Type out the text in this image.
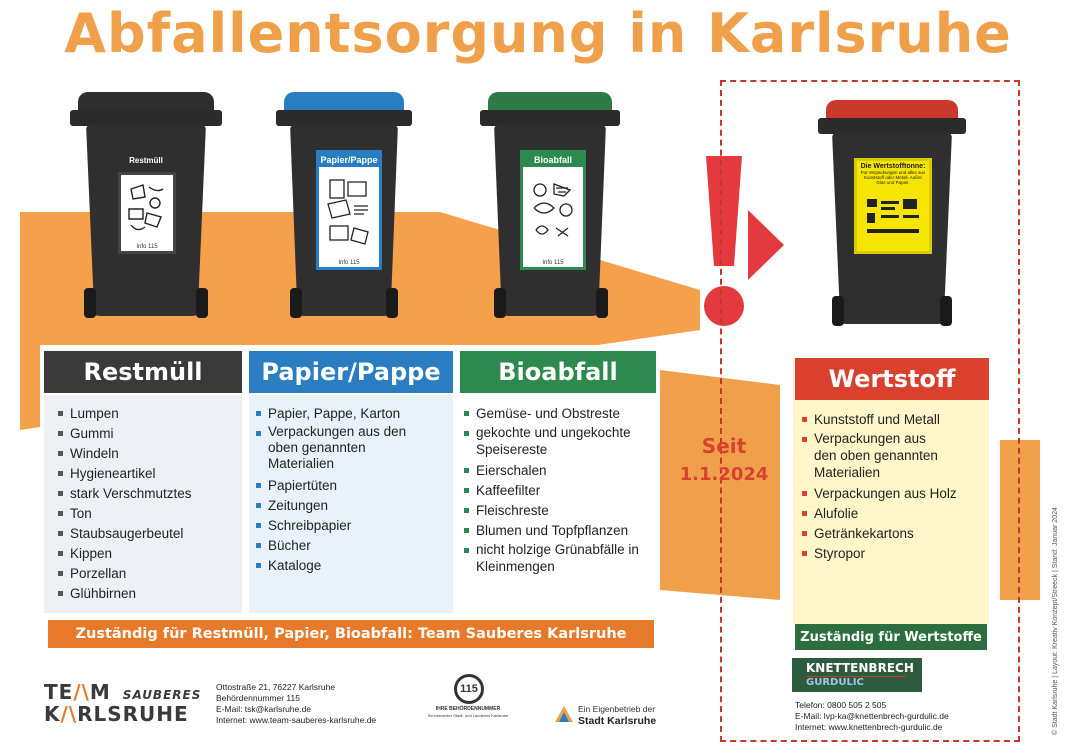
Abfallentsorgung in Karlsruhe
Restmüll
Info 115
Papier/Pappe
Info 115
Bioabfall
Info 115
Die Wertstofftonne:
Für Verpackungen und alles aus Kunststoff oder Metall. Außer Glas und Papier.
Restmüll	Papier/Pappe	Bioabfall
Lumpen
Gummi
Windeln
Hygieneartikel
stark Verschmutztes
Ton
Staubsaugerbeutel
Kippen
Porzellan
Glühbirnen
Papier, Pappe, Karton
Verpackungen aus den oben genannten Materialien
Papiertüten
Zeitungen
Schreibpapier
Bücher
Kataloge
Gemüse- und Obstreste
gekochte und ungekochte Speisereste
Eierschalen
Kaffeefilter
Fleischreste
Blumen und Topfpflanzen
nicht holzige Grünabfälle in Kleinmengen
Seit
1.1.2024
Wertstoff
Kunststoff und Metall
Verpackungen aus den oben genannten Materialien
Verpackungen aus Holz
Alufolie
Getränkekartons
Styropor
Zuständig für Restmüll, Papier, Bioabfall: Team Sauberes Karlsruhe	Zuständig für Wertstoffe
TE/\M SAUBERES
K/\RLSRUHE
Ottostraße 21, 76227 Karlsruhe
Behördennummer 115
E-Mail: tsk@karlsruhe.de
Internet: www.team-sauberes-karlsruhe.de
115
IHRE BEHÖRDENNUMMER
Servicecenter Stadt- und Landkreis Karlsruhe
Ein Eigenbetrieb der
Stadt Karlsruhe
KNETTENBRECH
GURDULIC
Telefon: 0800 505 2 505
E-Mail: lvp-ka@knettenbrech-gurdulic.de
Internet: www.knettenbrech-gurdulic.de	© Stadt Karlsruhe | Layout: Kreativ Konzept/Streeck | Stand: Januar 2024
